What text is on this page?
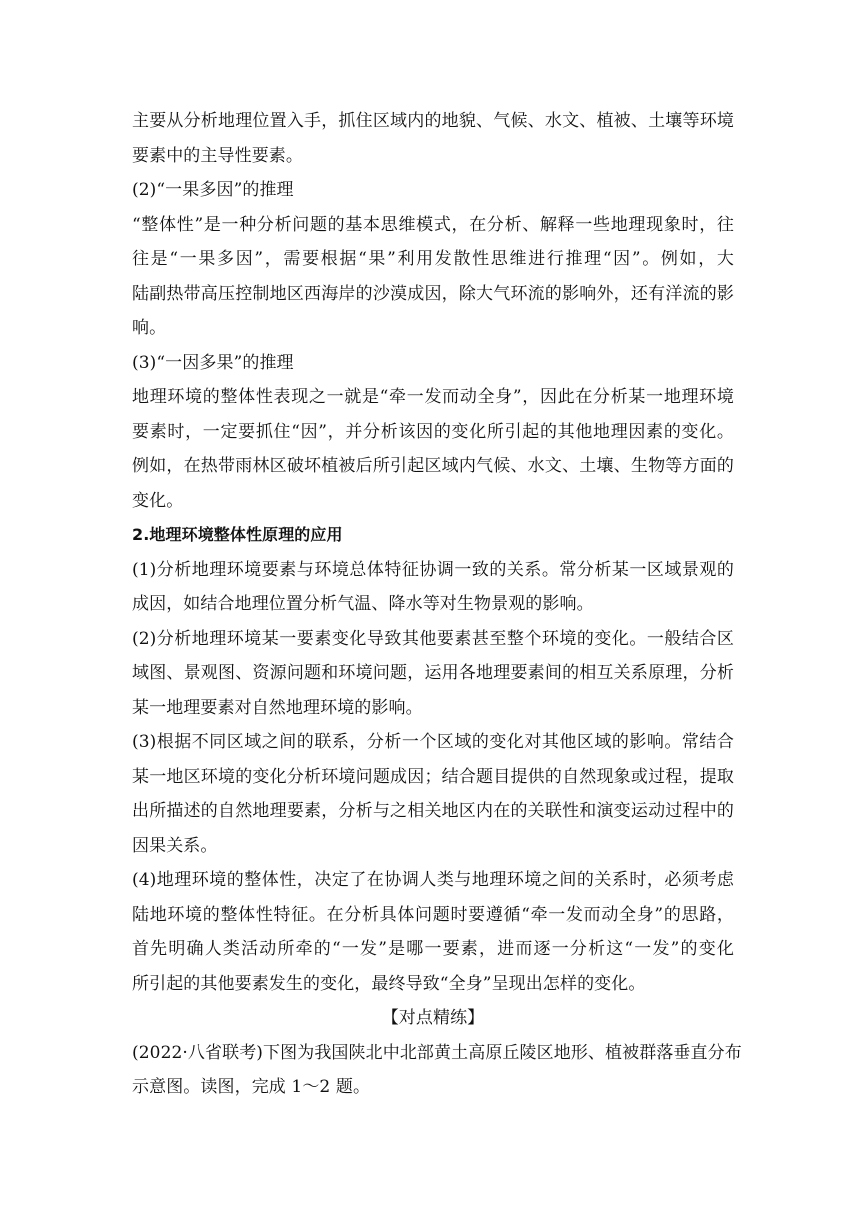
主要从分析地理位置入手，抓住区域内的地貌、气候、水文、植被、土壤等环境
要素中的主导性要素。
(2)“一果多因”的推理
“整体性”是一种分析问题的基本思维模式，在分析、解释一些地理现象时，往
往是“一果多因”，需要根据“果”利用发散性思维进行推理“因”。例如，大
陆副热带高压控制地区西海岸的沙漠成因，除大气环流的影响外，还有洋流的影
响。
(3)“一因多果”的推理
地理环境的整体性表现之一就是“牵一发而动全身”，因此在分析某一地理环境
要素时，一定要抓住“因”，并分析该因的变化所引起的其他地理因素的变化。
例如，在热带雨林区破坏植被后所引起区域内气候、水文、土壤、生物等方面的
变化。
2.地理环境整体性原理的应用
(1)分析地理环境要素与环境总体特征协调一致的关系。常分析某一区域景观的
成因，如结合地理位置分析气温、降水等对生物景观的影响。
(2)分析地理环境某一要素变化导致其他要素甚至整个环境的变化。一般结合区
域图、景观图、资源问题和环境问题，运用各地理要素间的相互关系原理，分析
某一地理要素对自然地理环境的影响。
(3)根据不同区域之间的联系，分析一个区域的变化对其他区域的影响。常结合
某一地区环境的变化分析环境问题成因；结合题目提供的自然现象或过程，提取
出所描述的自然地理要素，分析与之相关地区内在的关联性和演变运动过程中的
因果关系。
(4)地理环境的整体性，决定了在协调人类与地理环境之间的关系时，必须考虑
陆地环境的整体性特征。在分析具体问题时要遵循“牵一发而动全身”的思路，
首先明确人类活动所牵的“一发”是哪一要素，进而逐一分析这“一发”的变化
所引起的其他要素发生的变化，最终导致“全身”呈现出怎样的变化。
【对点精练】
(2022·八省联考)下图为我国陕北中北部黄土高原丘陵区地形、植被群落垂直分布
示意图。读图，完成 1～2 题。
